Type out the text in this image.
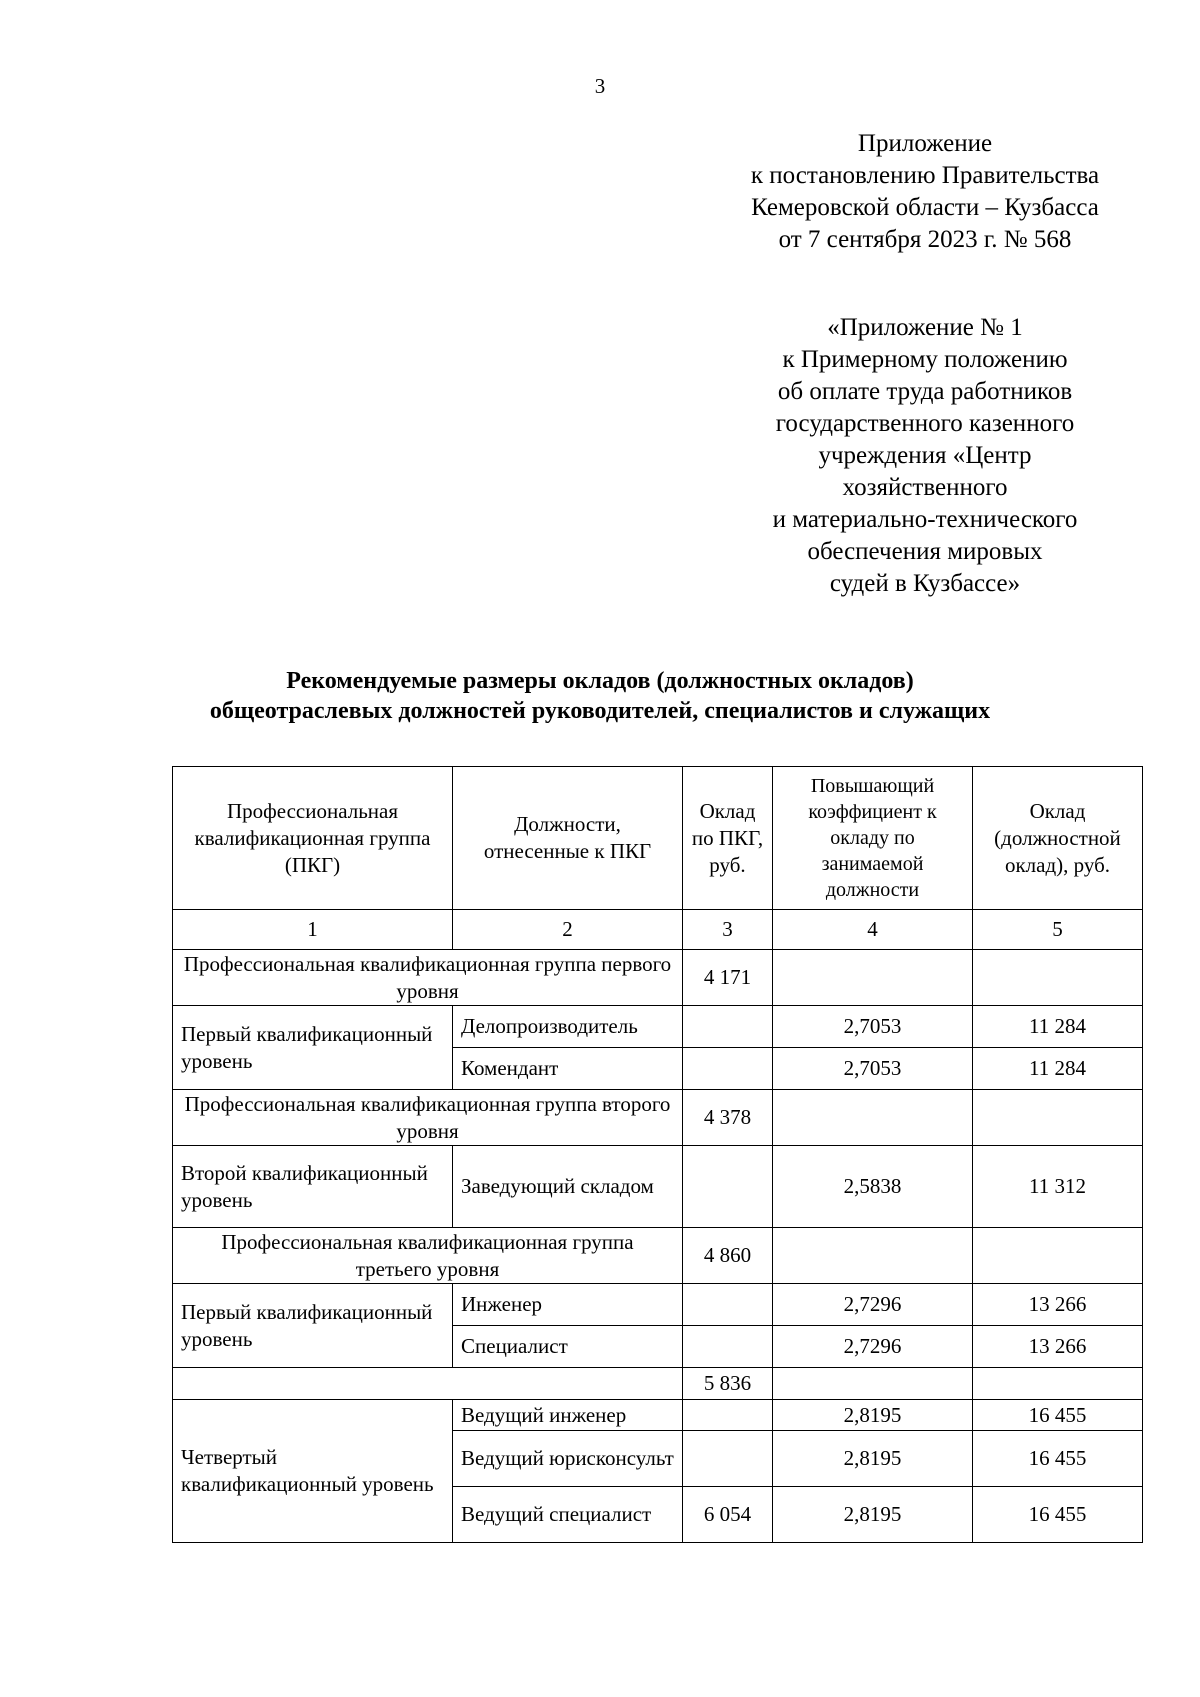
3
Приложение
к постановлению Правительства
Кемеровской области – Кузбасса
от 7 сентября 2023 г. № 568
«Приложение № 1
к Примерному положению
об оплате труда работников
государственного казенного
учреждения «Центр
хозяйственного
и материально-технического
обеспечения мировых
судей в Кузбассе»
Рекомендуемые размеры окладов (должностных окладов)
общеотраслевых должностей руководителей, специалистов и служащих
Профессиональная квалификационная группа (ПКГ)	Должности, отнесенные к ПКГ	Оклад по ПКГ, руб.	Повышающий коэффициент к окладу по занимаемой должности	Оклад (должностной оклад), руб.
1	2	3	4	5
Профессиональная квалификационная группа первого уровня		4 171		
Первый квалификационный уровень	Делопроизводитель		2,7053	11 284
	Комендант		2,7053	11 284
Профессиональная квалификационная группа второго уровня		4 378		
Второй квалификационный уровень	Заведующий складом		2,5838	11 312
Профессиональная квалификационная группа третьего уровня		4 860		
Первый квалификационный уровень	Инженер		2,7296	13 266
	Специалист		2,7296	13 266
		5 836		
Четвертый квалификационный уровень	Ведущий инженер		2,8195	16 455
	Ведущий юрисконсульт		2,8195	16 455
	Ведущий специалист	6 054	2,8195	16 455
